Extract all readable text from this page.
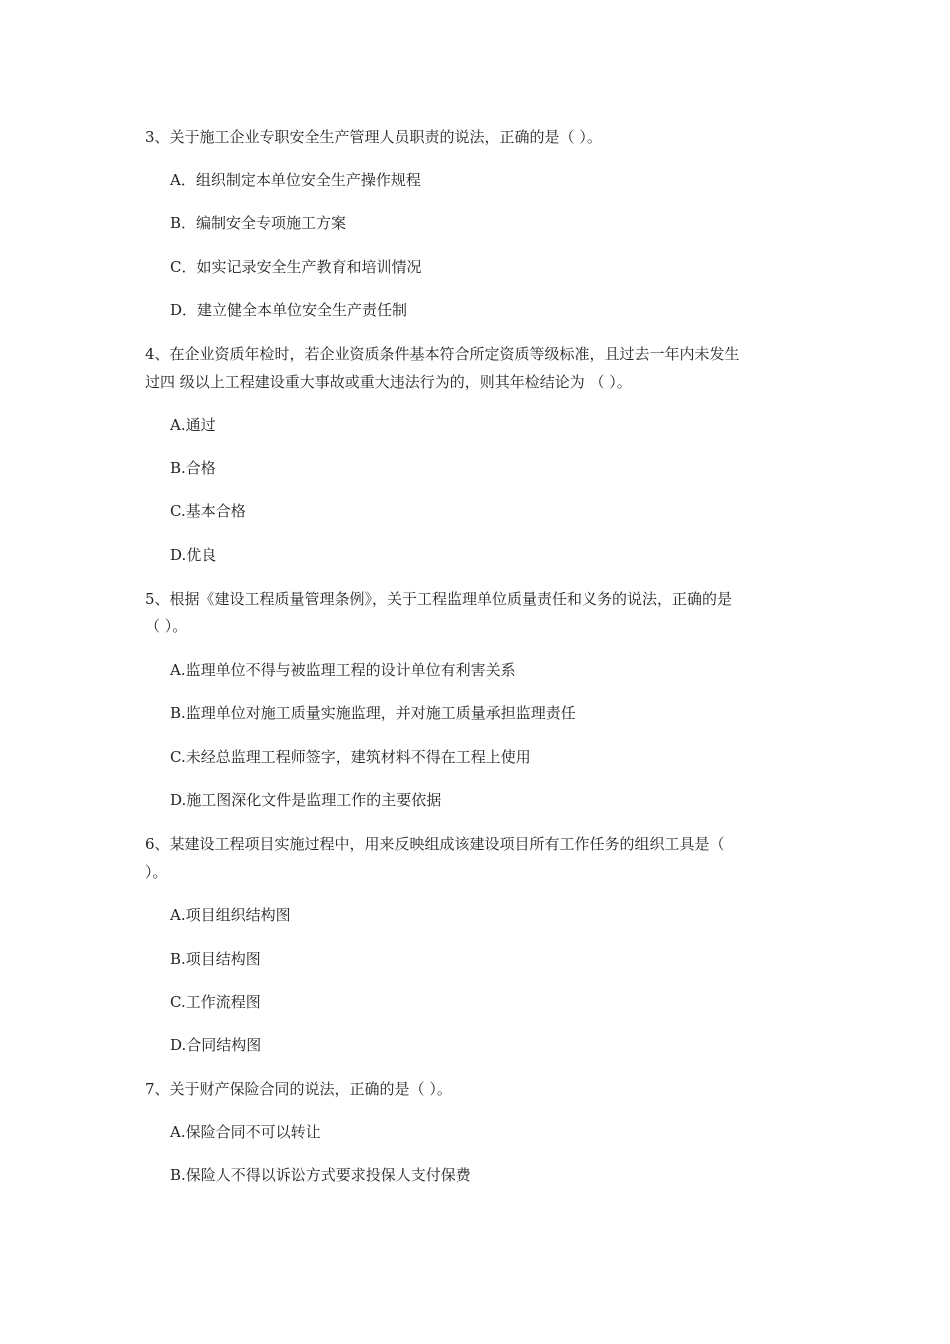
3、关于施工企业专职安全生产管理人员职责的说法，正确的是（ ）。
A．组织制定本单位安全生产操作规程
B．编制安全专项施工方案
C．如实记录安全生产教育和培训情况
D．建立健全本单位安全生产责任制
4、在企业资质年检时，若企业资质条件基本符合所定资质等级标准，且过去一年内未发生
过四 级以上工程建设重大事故或重大违法行为的，则其年检结论为 （ ）。
A.通过
B.合格
C.基本合格
D.优良
5、根据《建设工程质量管理条例》，关于工程监理单位质量责任和义务的说法，正确的是
（ ）。
A.监理单位不得与被监理工程的设计单位有利害关系
B.监理单位对施工质量实施监理，并对施工质量承担监理责任
C.未经总监理工程师签字，建筑材料不得在工程上使用
D.施工图深化文件是监理工作的主要依据
6、某建设工程项目实施过程中，用来反映组成该建设项目所有工作任务的组织工具是（
）。
A.项目组织结构图
B.项目结构图
C.工作流程图
D.合同结构图
7、关于财产保险合同的说法，正确的是（ ）。
A.保险合同不可以转让
B.保险人不得以诉讼方式要求投保人支付保费
